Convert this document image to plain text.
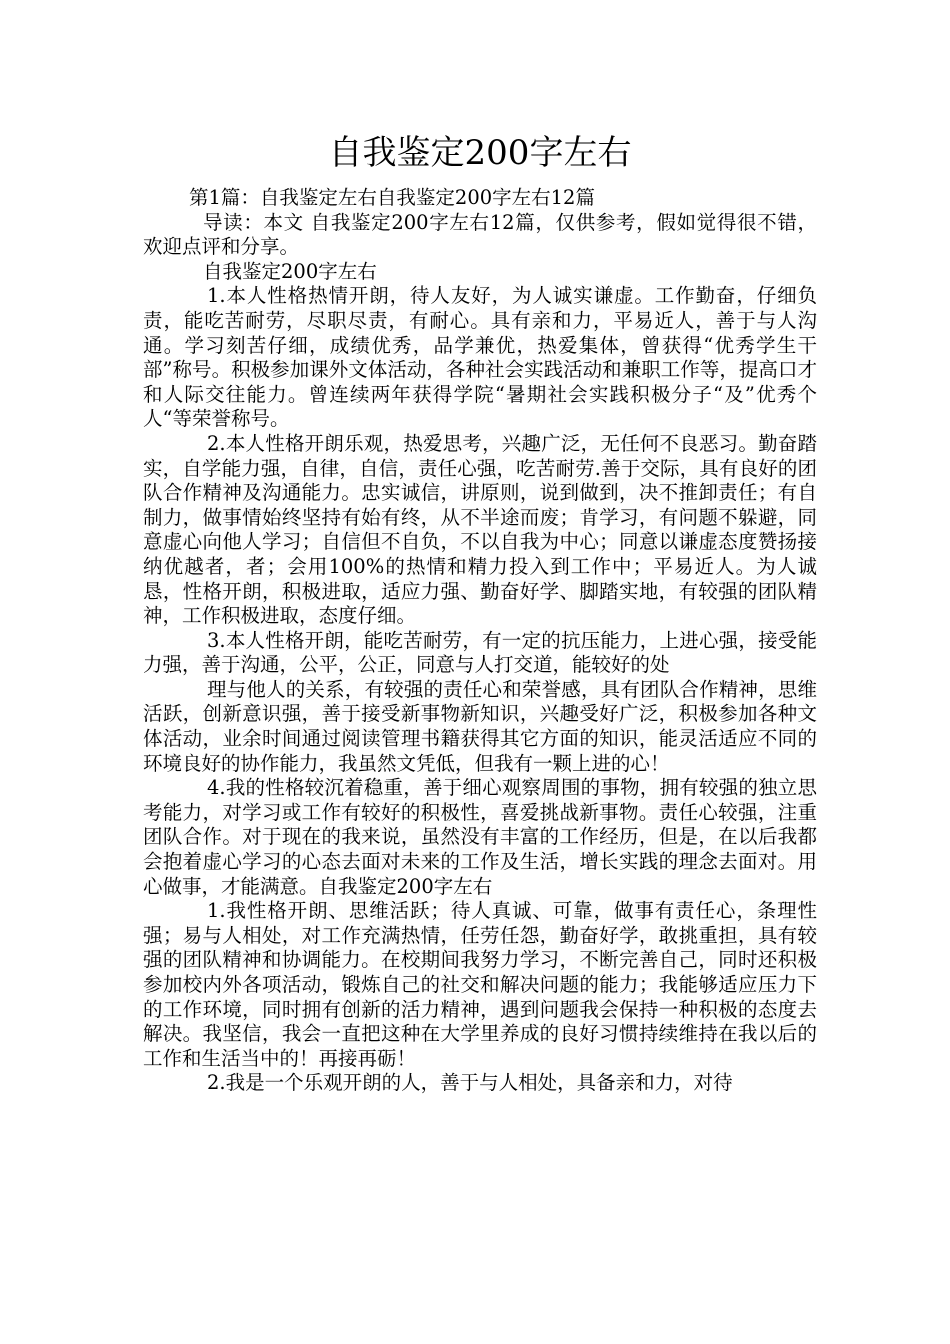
自我鉴定200字左右

第1篇：自我鉴定左右自我鉴定200字左右12篇

导读：本文 自我鉴定200字左右12篇，仅供参考，假如觉得很不错，欢迎点评和分享。

自我鉴定200字左右

1.本人性格热情开朗，待人友好，为人诚实谦虚。工作勤奋，仔细负责，能吃苦耐劳，尽职尽责，有耐心。具有亲和力，平易近人，善于与人沟通。学习刻苦仔细，成绩优秀，品学兼优，热爱集体，曾获得“优秀学生干部”称号。积极参加课外文体活动，各种社会实践活动和兼职工作等，提高口才和人际交往能力。曾连续两年获得学院“暑期社会实践积极分子“及”优秀个人“等荣誉称号。

2.本人性格开朗乐观，热爱思考，兴趣广泛，无任何不良恶习。勤奋踏实，自学能力强，自律，自信，责任心强，吃苦耐劳.善于交际，具有良好的团队合作精神及沟通能力。忠实诚信，讲原则，说到做到，决不推卸责任；有自制力，做事情始终坚持有始有终，从不半途而废；肯学习，有问题不躲避，同意虚心向他人学习；自信但不自负，不以自我为中心；同意以谦虚态度赞扬接纳优越者，者；会用100%的热情和精力投入到工作中；平易近人。为人诚恳，性格开朗，积极进取，适应力强、勤奋好学、脚踏实地，有较强的团队精神，工作积极进取，态度仔细。

3.本人性格开朗，能吃苦耐劳，有一定的抗压能力，上进心强，接受能力强，善于沟通，公平，公正，同意与人打交道，能较好的处

理与他人的关系，有较强的责任心和荣誉感，具有团队合作精神，思维活跃，创新意识强，善于接受新事物新知识，兴趣受好广泛，积极参加各种文体活动，业余时间通过阅读管理书籍获得其它方面的知识，能灵活适应不同的环境良好的协作能力，我虽然文凭低，但我有一颗上进的心！

4.我的性格较沉着稳重，善于细心观察周围的事物，拥有较强的独立思考能力，对学习或工作有较好的积极性，喜爱挑战新事物。责任心较强，注重团队合作。对于现在的我来说，虽然没有丰富的工作经历，但是，在以后我都会抱着虚心学习的心态去面对未来的工作及生活，增长实践的理念去面对。用心做事，才能满意。自我鉴定200字左右

1.我性格开朗、思维活跃；待人真诚、可靠，做事有责任心，条理性强；易与人相处，对工作充满热情，任劳任怨，勤奋好学，敢挑重担，具有较强的团队精神和协调能力。在校期间我努力学习，不断完善自己，同时还积极参加校内外各项活动，锻炼自己的社交和解决问题的能力；我能够适应压力下的工作环境，同时拥有创新的活力精神，遇到问题我会保持一种积极的态度去解决。我坚信，我会一直把这种在大学里养成的良好习惯持续维持在我以后的工作和生活当中的！再接再砺！

2.我是一个乐观开朗的人，善于与人相处，具备亲和力，对待
